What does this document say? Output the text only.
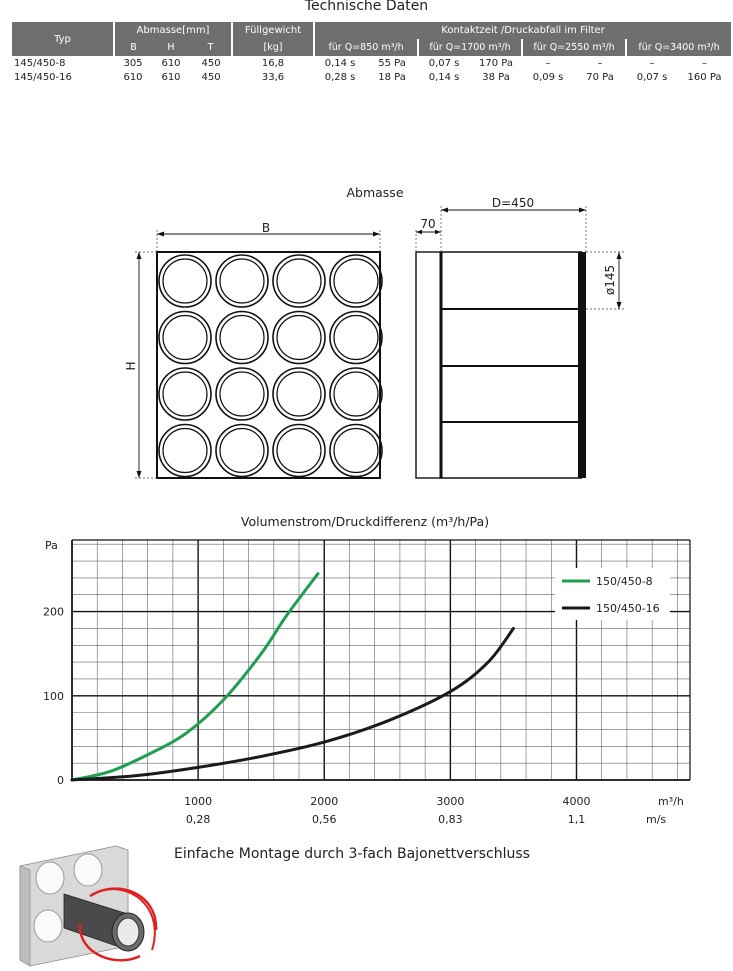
Technische Daten
Typ	Abmasse[mm]			Füllgewicht	Kontaktzeit /Druckabfall im Filter							
	B	H	T	[kg]	für Q=850 m³/h		für Q=1700 m³/h		für Q=2550 m³/h		für Q=3400 m³/h	
145/450-8	305	610	450	16,8	0,14 s	55 Pa	0,07 s	170 Pa	–	–	–	–
145/450-16	610	610	450	33,6	0,28 s	18 Pa	0,14 s	38 Pa	0,09 s	70 Pa	0,07 s	160 Pa
Abmasse
B
H
D=450
70
ø145
Volumenstrom/Druckdifferenz (m³/h/Pa)
Pa
0
100
200
1000
0,28
2000
0,56
3000
0,83
4000
1,1
150/450-8
150/450-16
m³/h
m/s
Einfache Montage durch 3-fach Bajonettverschluss
